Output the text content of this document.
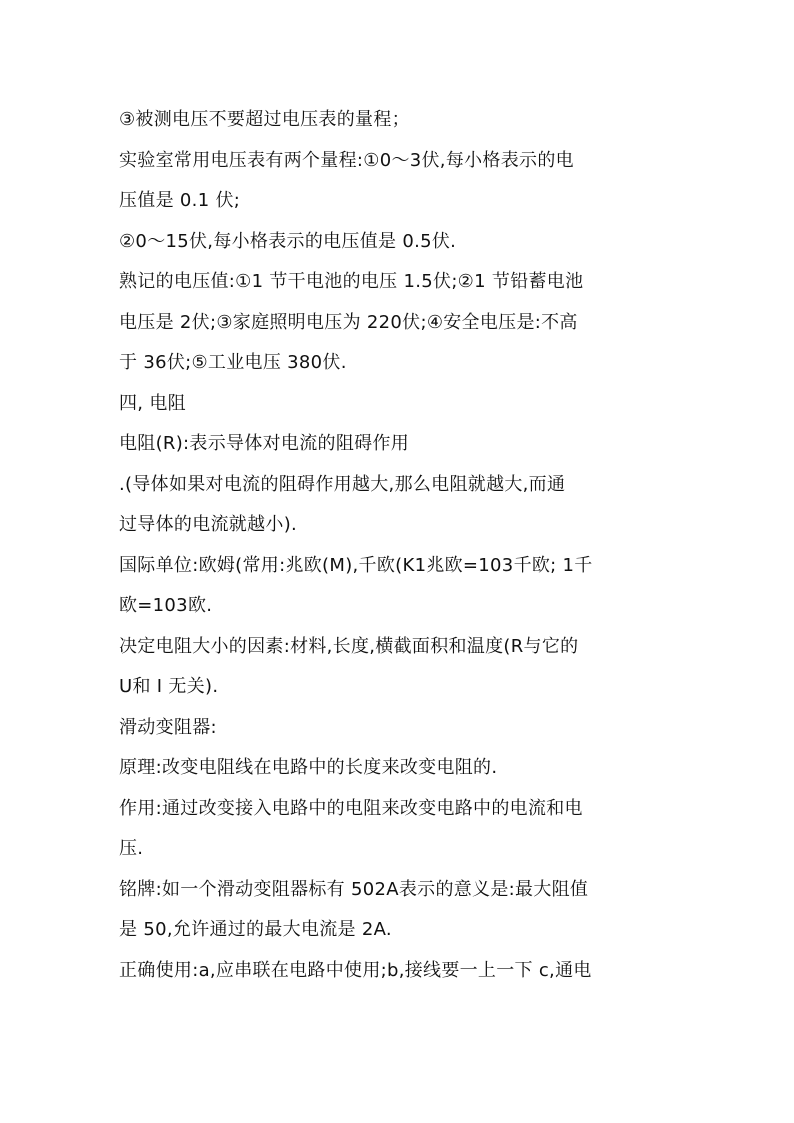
③被测电压不要超过电压表的量程；
实验室常用电压表有两个量程:①0～3伏,每小格表示的电
压值是 0.1 伏;
②0～15伏,每小格表示的电压值是 0.5伏.
熟记的电压值:①1 节干电池的电压 1.5伏;②1 节铅蓄电池
电压是 2伏;③家庭照明电压为 220伏;④安全电压是:不高
于 36伏;⑤工业电压 380伏.
四, 电阻
电阻(R):表示导体对电流的阻碍作用
.(导体如果对电流的阻碍作用越大,那么电阻就越大,而通
过导体的电流就越小).
国际单位:欧姆(常用:兆欧(M),千欧(K1兆欧=103千欧; 1千
欧=103欧.
决定电阻大小的因素:材料,长度,横截面积和温度(R与它的
U和 I 无关).
滑动变阻器:
原理:改变电阻线在电路中的长度来改变电阻的.
作用:通过改变接入电路中的电阻来改变电路中的电流和电
压.
铭牌:如一个滑动变阻器标有 502A表示的意义是:最大阻值
是 50,允许通过的最大电流是 2A.
正确使用:a,应串联在电路中使用;b,接线要一上一下 c,通电
